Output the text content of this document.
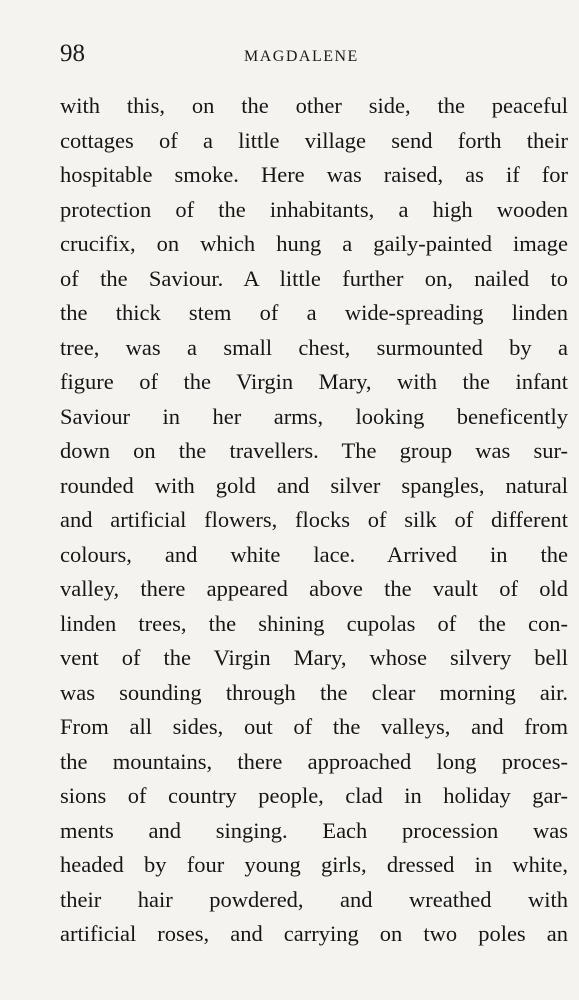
98	MAGDALENE
with this, on the other side, the peaceful
cottages of a little village send forth their
hospitable smoke. Here was raised, as if for
protection of the inhabitants, a high wooden
crucifix, on which hung a gaily-painted image
of the Saviour. A little further on, nailed to
the thick stem of a wide-spreading linden
tree, was a small chest, surmounted by a
figure of the Virgin Mary, with the infant
Saviour in her arms, looking beneficently
down on the travellers. The group was sur-
rounded with gold and silver spangles, natural
and artificial flowers, flocks of silk of different
colours, and white lace. Arrived in the
valley, there appeared above the vault of old
linden trees, the shining cupolas of the con-
vent of the Virgin Mary, whose silvery bell
was sounding through the clear morning air.
From all sides, out of the valleys, and from
the mountains, there approached long proces-
sions of country people, clad in holiday gar-
ments and singing. Each procession was
headed by four young girls, dressed in white,
their hair powdered, and wreathed with
artificial roses, and carrying on two poles an
